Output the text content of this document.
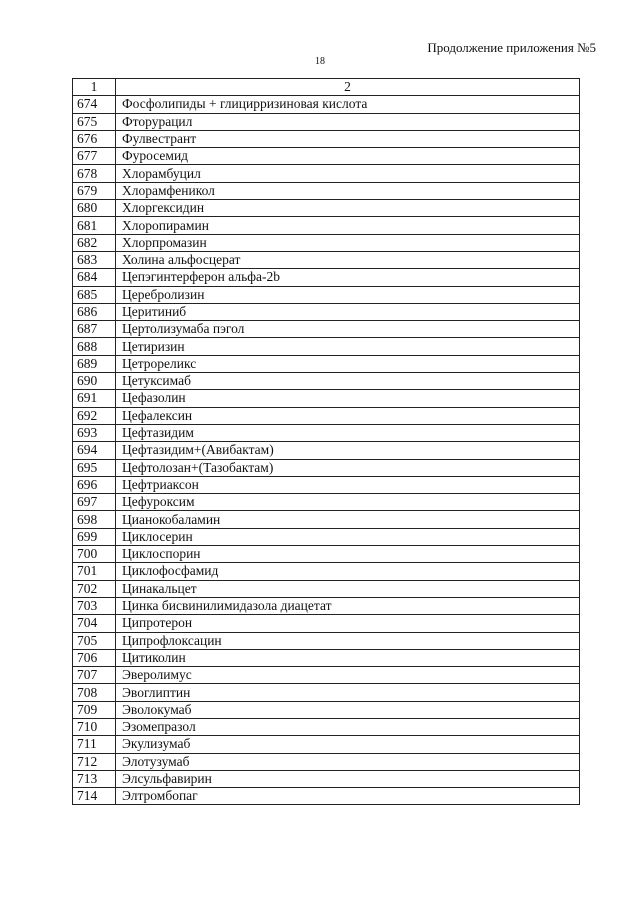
Продолжение приложения №5
18
1	2
674	Фосфолипиды + глицирризиновая кислота
675	Фторурацил
676	Фулвестрант
677	Фуросемид
678	Хлорамбуцил
679	Хлорамфеникол
680	Хлоргексидин
681	Хлоропирамин
682	Хлорпромазин
683	Холина альфосцерат
684	Цепэгинтерферон альфа-2b
685	Церебролизин
686	Церитиниб
687	Цертолизумаба пэгол
688	Цетиризин
689	Цетрореликс
690	Цетуксимаб
691	Цефазолин
692	Цефалексин
693	Цефтазидим
694	Цефтазидим+(Авибактам)
695	Цефтолозан+(Тазобактам)
696	Цефтриаксон
697	Цефуроксим
698	Цианокобаламин
699	Циклосерин
700	Циклоспорин
701	Циклофосфамид
702	Цинакальцет
703	Цинка бисвинилимидазола диацетат
704	Ципротерон
705	Ципрофлоксацин
706	Цитиколин
707	Эверолимус
708	Эвоглиптин
709	Эволокумаб
710	Эзомепразол
711	Экулизумаб
712	Элотузумаб
713	Элсульфавирин
714	Элтромбопаг
